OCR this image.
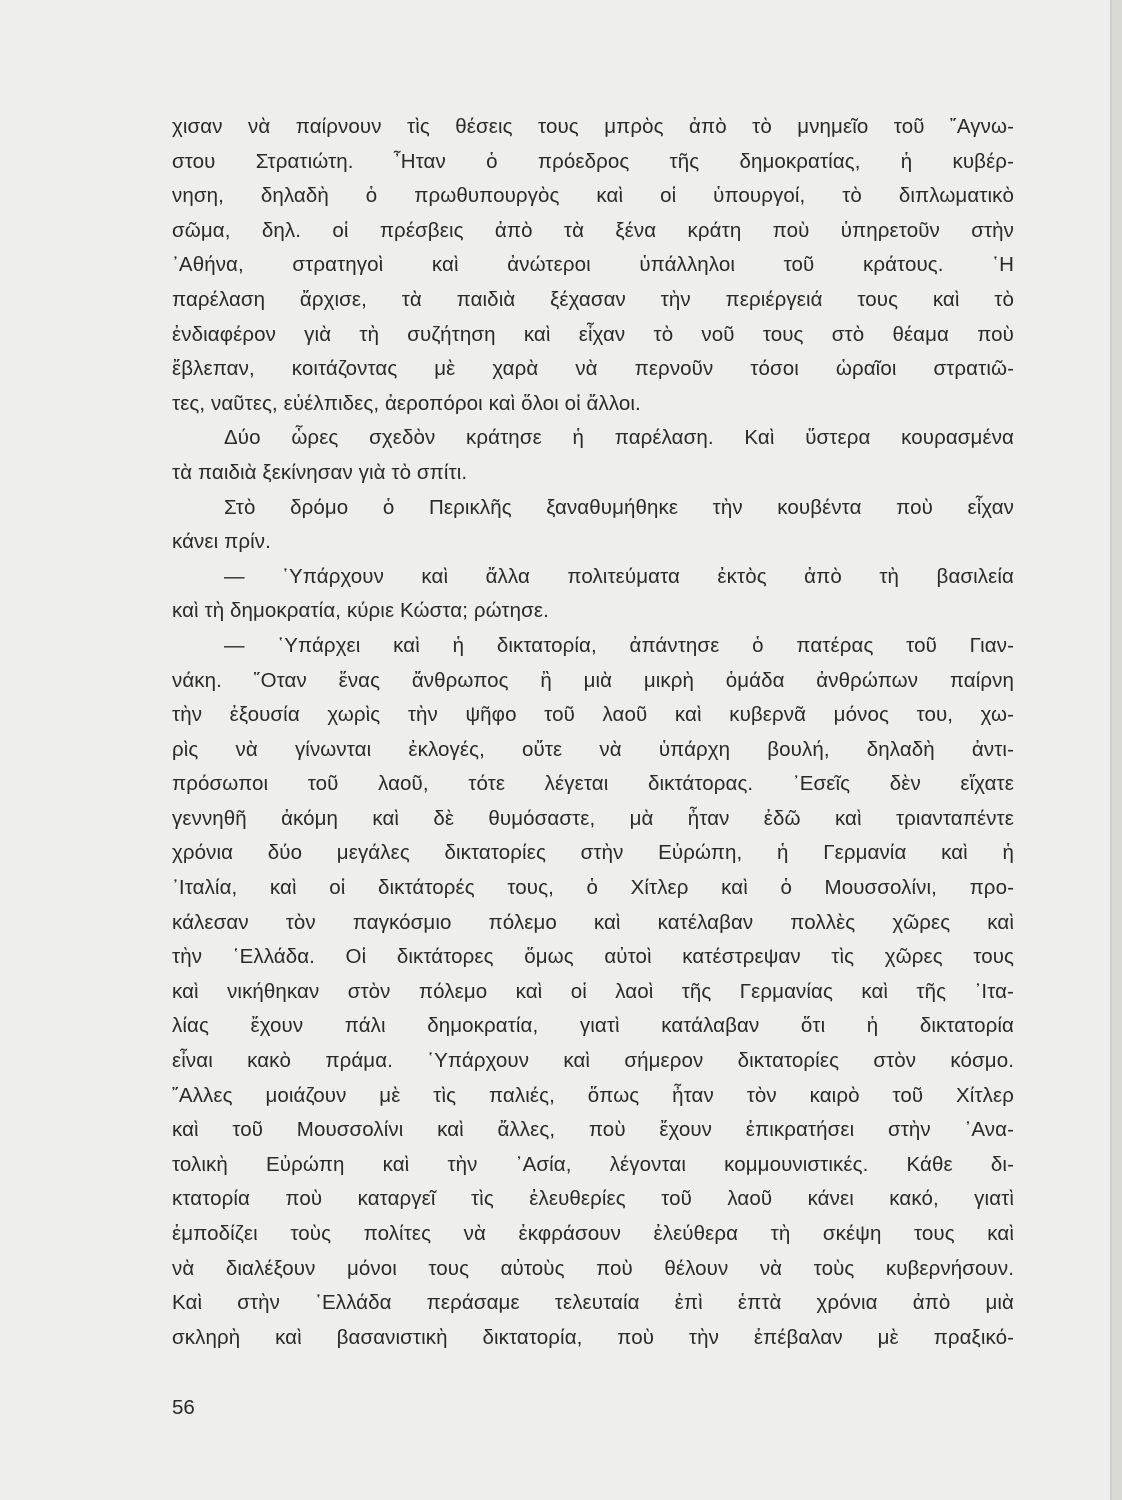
χισαν νὰ παίρνουν τὶς θέσεις τους μπρὸς ἀπὸ τὸ μνημεῖο τοῦ ῎Αγνω-
στου Στρατιώτη. ῏Ηταν ὁ πρόεδρος τῆς δημοκρατίας, ἡ κυβέρ-
νηση, δηλαδὴ ὁ πρωθυπουργὸς καὶ οἱ ὑπουργοί, τὸ διπλωματικὸ
σῶμα, δηλ. οἱ πρέσβεις ἀπὸ τὰ ξένα κράτη ποὺ ὑπηρετοῦν στὴν
᾿Αθήνα, στρατηγοὶ καὶ ἀνώτεροι ὑπάλληλοι τοῦ κράτους. ῾Η
παρέλαση ἄρχισε, τὰ παιδιὰ ξέχασαν τὴν περιέργειά τους καὶ τὸ
ἐνδιαφέρον γιὰ τὴ συζήτηση καὶ εἶχαν τὸ νοῦ τους στὸ θέαμα ποὺ
ἔβλεπαν, κοιτάζοντας μὲ χαρὰ νὰ περνοῦν τόσοι ὡραῖοι στρατιῶ-
τες, ναῦτες, εὐέλπιδες, ἀεροπόροι καὶ ὅλοι οἱ ἄλλοι.
Δύο ὧρες σχεδὸν κράτησε ἡ παρέλαση. Καὶ ὕστερα κουρασμένα
τὰ παιδιὰ ξεκίνησαν γιὰ τὸ σπίτι.
Στὸ δρόμο ὁ Περικλῆς ξαναθυμήθηκε τὴν κουβέντα ποὺ εἶχαν
κάνει πρίν.
— ῾Υπάρχουν καὶ ἄλλα πολιτεύματα ἐκτὸς ἀπὸ τὴ βασιλεία
καὶ τὴ δημοκρατία, κύριε Κώστα; ρώτησε.
— ῾Υπάρχει καὶ ἡ δικτατορία, ἀπάντησε ὁ πατέρας τοῦ Γιαν-
νάκη. ῞Οταν ἕνας ἄνθρωπος ἢ μιὰ μικρὴ ὁμάδα ἀνθρώπων παίρνη
τὴν ἐξουσία χωρὶς τὴν ψῆφο τοῦ λαοῦ καὶ κυβερνᾶ μόνος του, χω-
ρὶς νὰ γίνωνται ἐκλογές, οὔτε νὰ ὑπάρχη βουλή, δηλαδὴ ἀντι-
πρόσωποι τοῦ λαοῦ, τότε λέγεται δικτάτορας. ᾿Εσεῖς δὲν εἴχατε
γεννηθῆ ἀκόμη καὶ δὲ θυμόσαστε, μὰ ἦταν ἐδῶ καὶ τριανταπέντε
χρόνια δύο μεγάλες δικτατορίες στὴν Εὐρώπη, ἡ Γερμανία καὶ ἡ
᾿Ιταλία, καὶ οἱ δικτάτορές τους, ὁ Χίτλερ καὶ ὁ Μουσσολίνι, προ-
κάλεσαν τὸν παγκόσμιο πόλεμο καὶ κατέλαβαν πολλὲς χῶρες καὶ
τὴν ῾Ελλάδα. Οἱ δικτάτορες ὅμως αὐτοὶ κατέστρεψαν τὶς χῶρες τους
καὶ νικήθηκαν στὸν πόλεμο καὶ οἱ λαοὶ τῆς Γερμανίας καὶ τῆς ᾿Ιτα-
λίας ἔχουν πάλι δημοκρατία, γιατὶ κατάλαβαν ὅτι ἡ δικτατορία
εἶναι κακὸ πράμα. ῾Υπάρχουν καὶ σήμερον δικτατορίες στὸν κόσμο.
῎Αλλες μοιάζουν μὲ τὶς παλιές, ὅπως ἦταν τὸν καιρὸ τοῦ Χίτλερ
καὶ τοῦ Μουσσολίνι καὶ ἄλλες, ποὺ ἔχουν ἐπικρατήσει στὴν ᾿Ανα-
τολικὴ Εὐρώπη καὶ τὴν ᾿Ασία, λέγονται κομμουνιστικές. Κάθε δι-
κτατορία ποὺ καταργεῖ τὶς ἐλευθερίες τοῦ λαοῦ κάνει κακό, γιατὶ
ἐμποδίζει τοὺς πολίτες νὰ ἐκφράσουν ἐλεύθερα τὴ σκέψη τους καὶ
νὰ διαλέξουν μόνοι τους αὐτοὺς ποὺ θέλουν νὰ τοὺς κυβερνήσουν.
Καὶ στὴν ῾Ελλάδα περάσαμε τελευταία ἐπὶ ἑπτὰ χρόνια ἀπὸ μιὰ
σκληρὴ καὶ βασανιστικὴ δικτατορία, ποὺ τὴν ἐπέβαλαν μὲ πραξικό-
56
